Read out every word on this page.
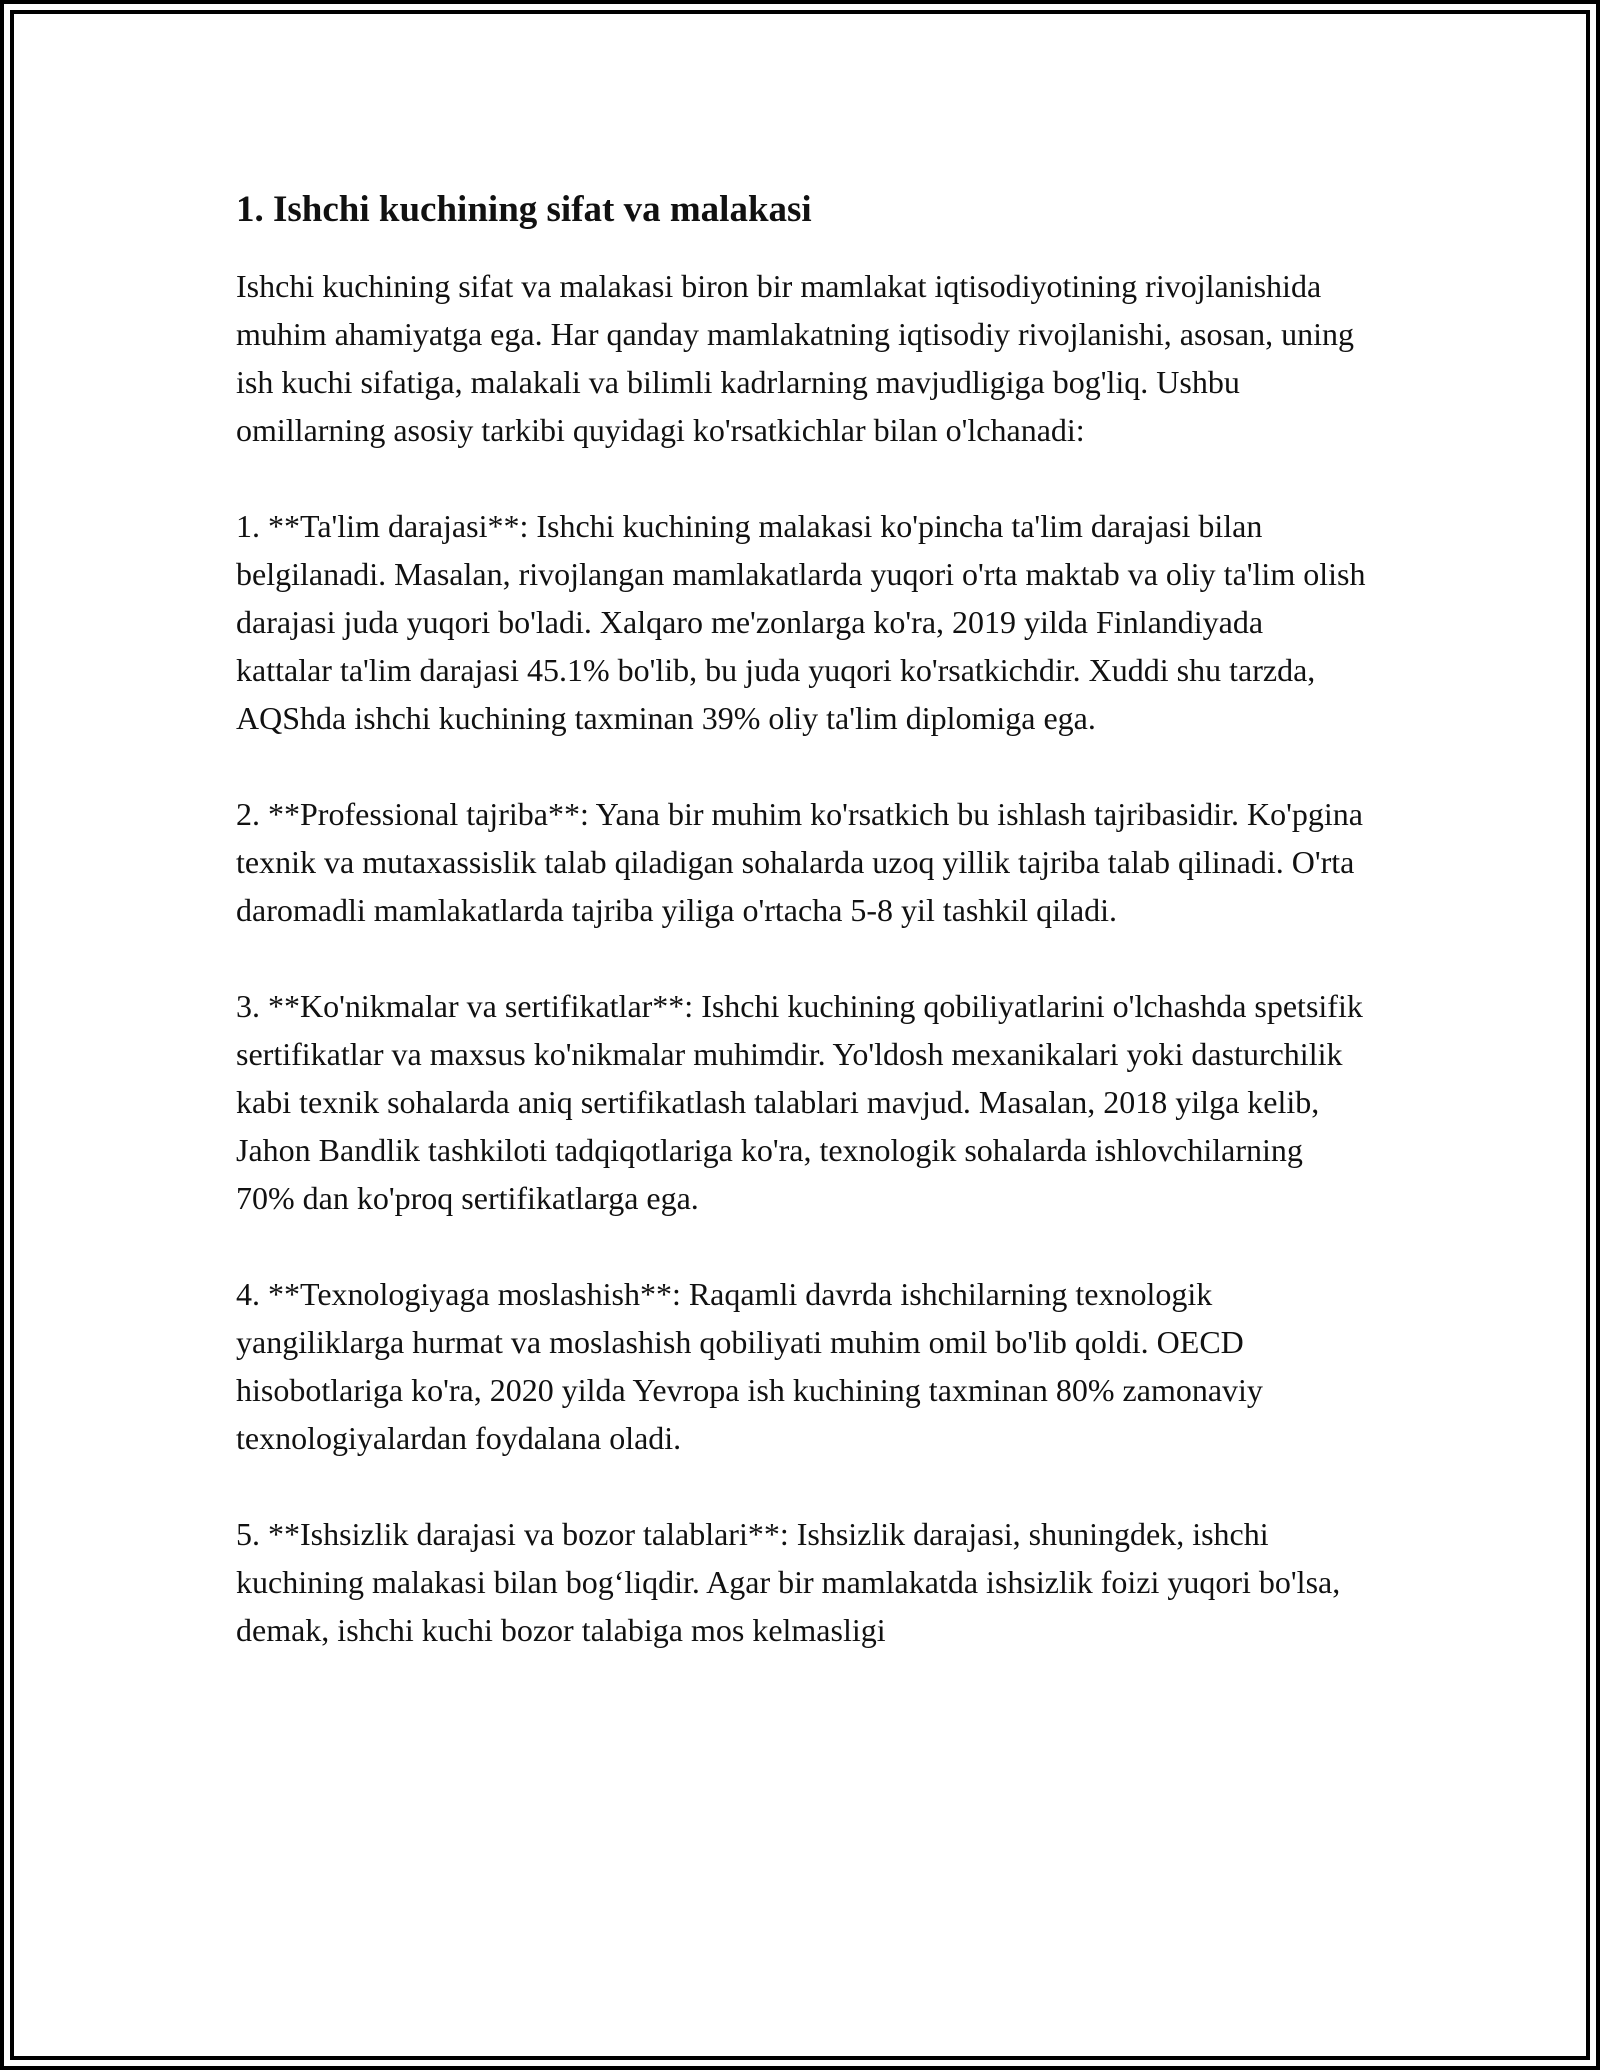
1. Ishchi kuchining sifat va malakasi

Ishchi kuchining sifat va malakasi biron bir mamlakat iqtisodiyotining rivojlanishida muhim ahamiyatga ega. Har qanday mamlakatning iqtisodiy rivojlanishi, asosan, uning ish kuchi sifatiga, malakali va bilimli kadrlarning mavjudligiga bog'liq. Ushbu omillarning asosiy tarkibi quyidagi ko'rsatkichlar bilan o'lchanadi:

1. **Ta'lim darajasi**: Ishchi kuchining malakasi ko'pincha ta'lim darajasi bilan belgilanadi. Masalan, rivojlangan mamlakatlarda yuqori o'rta maktab va oliy ta'lim olish darajasi juda yuqori bo'ladi. Xalqaro me'zonlarga ko'ra, 2019 yilda Finlandiyada kattalar ta'lim darajasi 45.1% bo'lib, bu juda yuqori ko'rsatkichdir. Xuddi shu tarzda, AQShda ishchi kuchining taxminan 39% oliy ta'lim diplomiga ega.

2. **Professional tajriba**: Yana bir muhim ko'rsatkich bu ishlash tajribasidir. Ko'pgina texnik va mutaxassislik talab qiladigan sohalarda uzoq yillik tajriba talab qilinadi. O'rta daromadli mamlakatlarda tajriba yiliga o'rtacha 5-8 yil tashkil qiladi.

3. **Ko'nikmalar va sertifikatlar**: Ishchi kuchining qobiliyatlarini o'lchashda spetsifik sertifikatlar va maxsus ko'nikmalar muhimdir. Yo'ldosh mexanikalari yoki dasturchilik kabi texnik sohalarda aniq sertifikatlash talablari mavjud. Masalan, 2018 yilga kelib, Jahon Bandlik tashkiloti tadqiqotlariga ko'ra, texnologik sohalarda ishlovchilarning 70% dan ko'proq sertifikatlarga ega.

4. **Texnologiyaga moslashish**: Raqamli davrda ishchilarning texnologik yangiliklarga hurmat va moslashish qobiliyati muhim omil bo'lib qoldi. OECD hisobotlariga ko'ra, 2020 yilda Yevropa ish kuchining taxminan 80% zamonaviy texnologiyalardan foydalana oladi.

5. **Ishsizlik darajasi va bozor talablari**: Ishsizlik darajasi, shuningdek, ishchi kuchining malakasi bilan bog‘liqdir. Agar bir mamlakatda ishsizlik foizi yuqori bo'lsa, demak, ishchi kuchi bozor talabiga mos kelmasligi
